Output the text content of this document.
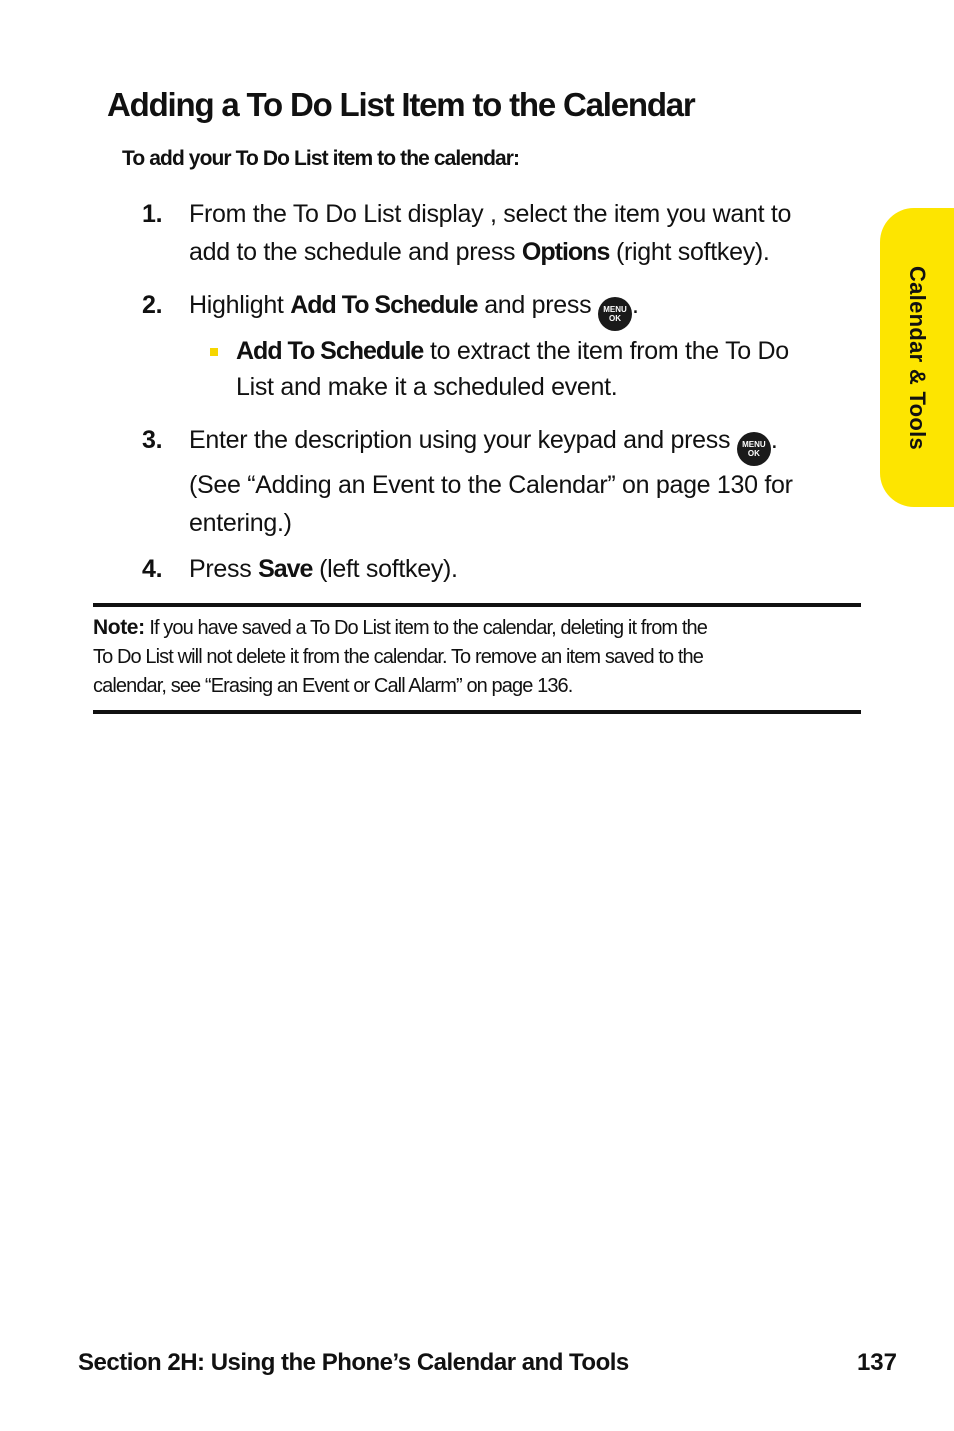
Adding a To Do List Item to the Calendar
To add your To Do List item to the calendar:
1.	From the To Do List display , select the item you want to
add to the schedule and press Options (right softkey).
2.	Highlight Add To Schedule and press	MENU
OK .
Add To Schedule to extract the item from the To Do
List and make it a scheduled event.
3.	Enter the description using your keypad and press	MENU
OK .
(See “Adding an Event to the Calendar” on page 130 for
entering.)
4.	Press Save (left softkey).
Note: If you have saved a To Do List item to the calendar, deleting it from the
To Do List will not delete it from the calendar. To remove an item saved to the
calendar, see “Erasing an Event or Call Alarm” on page 136.
Calendar & Tools
Section 2H: Using the Phone’s Calendar and Tools	137
